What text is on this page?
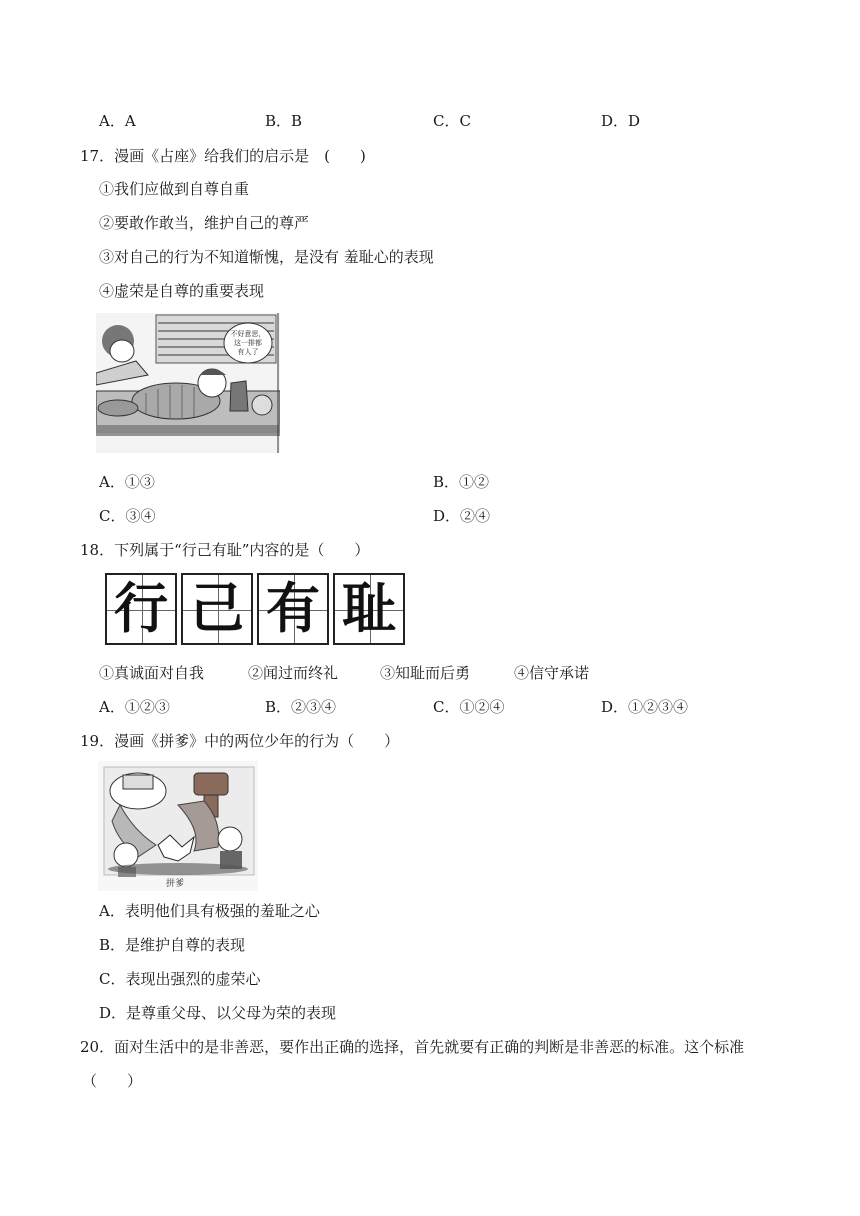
A．A	B．B	C．C	D．D
17．漫画《占座》给我们的启示是　(　　)
①我们应做到自尊自重
②要敢作敢当，维护自己的尊严
③对自己的行为不知道惭愧，是没有 羞耻心的表现
④虚荣是自尊的重要表现
不好意思，
这一排都
有人了
A．①③	B．①②
C．③④	D．②④
18．下列属于“行己有耻”内容的是（　　）
行 己 有 耻
①真诚面对自我	②闻过而终礼	③知耻而后勇	④信守承诺
A．①②③	B．②③④	C．①②④	D．①②③④
19．漫画《拼爹》中的两位少年的行为（　　）
拼爹
A．表明他们具有极强的羞耻之心
B．是维护自尊的表现
C．表现出强烈的虚荣心
D．是尊重父母、以父母为荣的表现
20．面对生活中的是非善恶，要作出正确的选择，首先就要有正确的判断是非善恶的标准。这个标准
（　　）
